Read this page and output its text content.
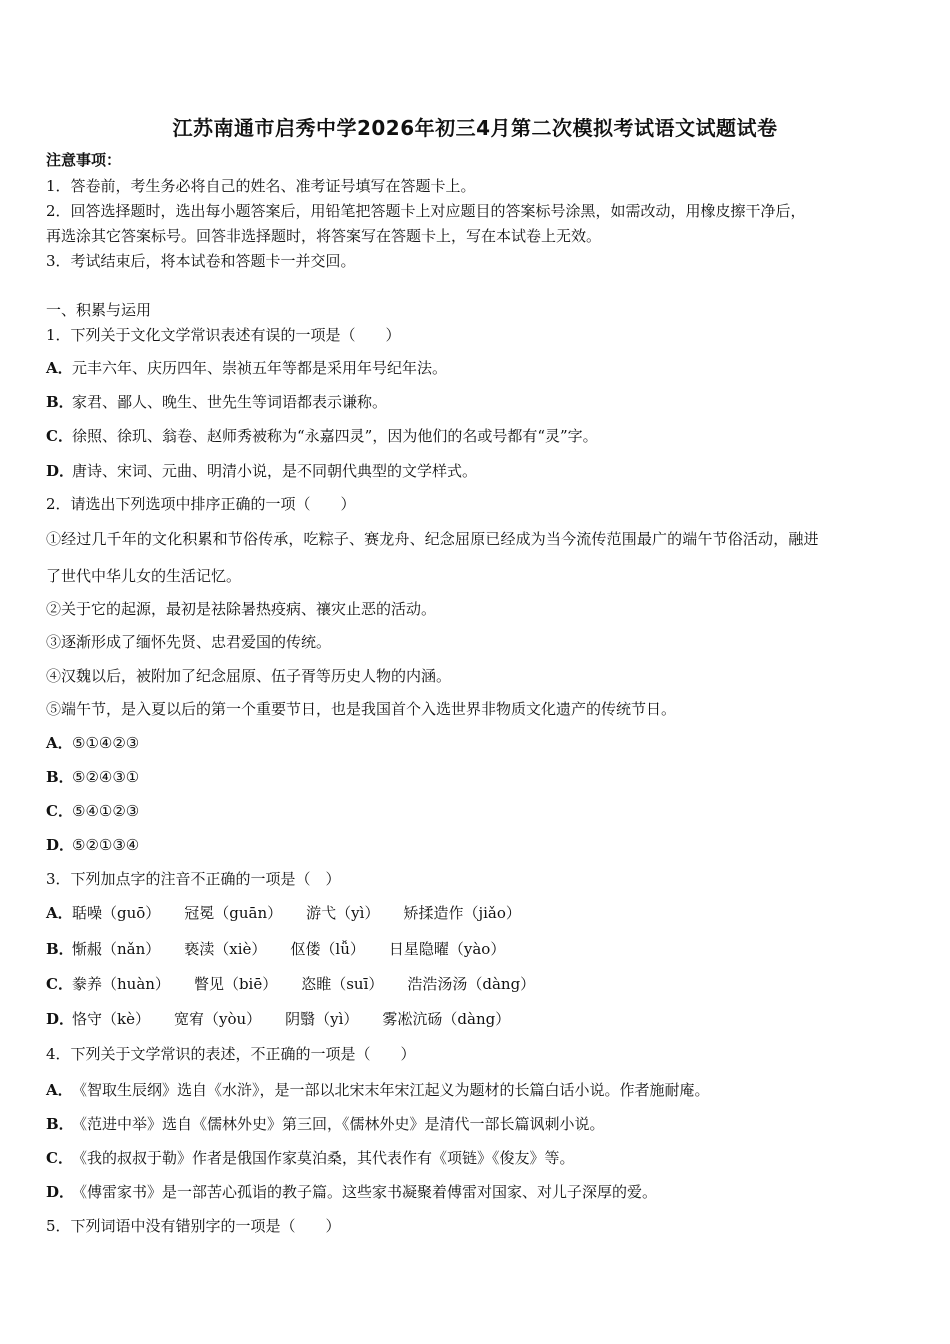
江苏南通市启秀中学2026年初三4月第二次模拟考试语文试题试卷
注意事项：
1．答卷前，考生务必将自己的姓名、准考证号填写在答题卡上。
2．回答选择题时，选出每小题答案后，用铅笔把答题卡上对应题目的答案标号涂黑，如需改动，用橡皮擦干净后，
再选涂其它答案标号。回答非选择题时，将答案写在答题卡上，写在本试卷上无效。
3．考试结束后，将本试卷和答题卡一并交回。
一、积累与运用
1．下列关于文化文学常识表述有误的一项是（　　）
A．元丰六年、庆历四年、崇祯五年等都是采用年号纪年法。
B．家君、鄙人、晚生、世先生等词语都表示谦称。
C．徐照、徐玑、翁卷、赵师秀被称为“永嘉四灵”，因为他们的名或号都有“灵”字。
D．唐诗、宋词、元曲、明清小说，是不同朝代典型的文学样式。
2．请选出下列选项中排序正确的一项（　　）
①经过几千年的文化积累和节俗传承，吃粽子、赛龙舟、纪念屈原已经成为当今流传范围最广的端午节俗活动，融进
了世代中华儿女的生活记忆。
②关于它的起源，最初是祛除暑热疫病、禳灾止恶的活动。
③逐渐形成了缅怀先贤、忠君爱国的传统。
④汉魏以后，被附加了纪念屈原、伍子胥等历史人物的内涵。
⑤端午节，是入夏以后的第一个重要节日，也是我国首个入选世界非物质文化遗产的传统节日。
A．⑤①④②③
B．⑤②④③①
C．⑤④①②③
D．⑤②①③④
3．下列加点字的注音不正确的一项是（　）
A．聒噪（guō） 冠冕（guān） 游弋（yì） 矫揉造作（jiǎo）
B．惭赧（nǎn） 亵渎（xiè） 伛偻（lǚ） 日星隐曜（yào）
C．豢养（huàn） 瞥见（biē） 恣睢（suī） 浩浩汤汤（dàng）
D．恪守（kè） 宽宥（yòu） 阴翳（yì） 雾凇沆砀（dàng）
4．下列关于文学常识的表述，不正确的一项是（　　）
A．《智取生辰纲》选自《水浒》，是一部以北宋末年宋江起义为题材的长篇白话小说。作者施耐庵。
B．《范进中举》选自《儒林外史》第三回，《儒林外史》是清代一部长篇讽刺小说。
C．《我的叔叔于勒》作者是俄国作家莫泊桑，其代表作有《项链》《俊友》等。
D．《傅雷家书》是一部苦心孤诣的教子篇。这些家书凝聚着傅雷对国家、对儿子深厚的爱。
5．下列词语中没有错别字的一项是（　　）
